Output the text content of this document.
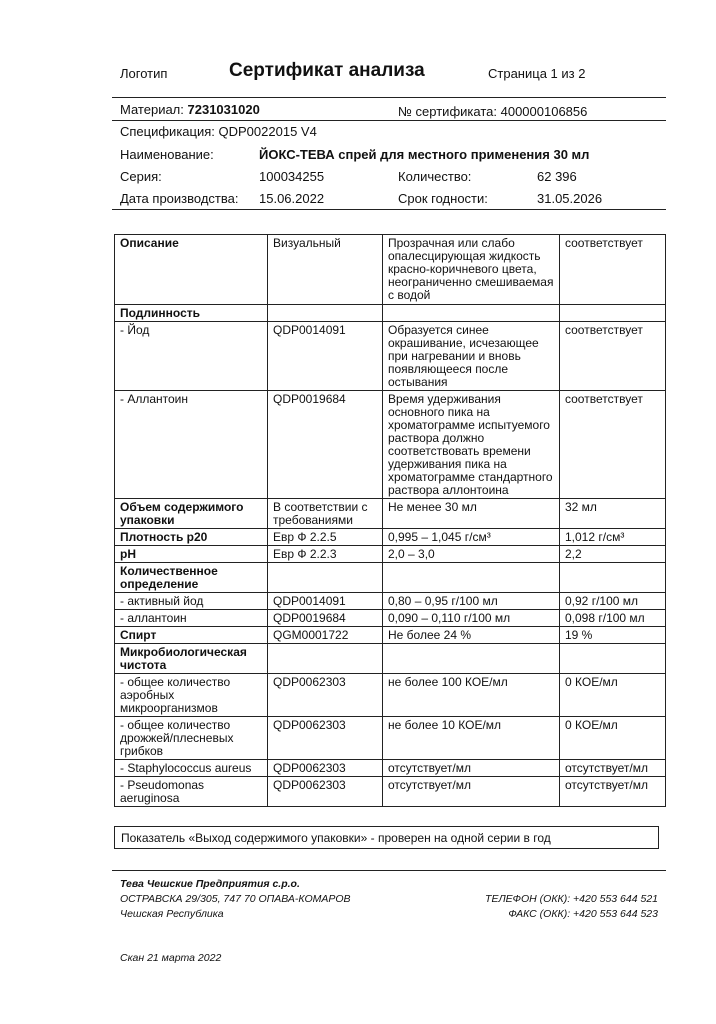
Логотип	Сертификат анализа	Страница 1 из 2
Материал: 7231031020	№ сертификата: 400000106856
Спецификация: QDP0022015 V4
Наименование:	ЙОКС-ТЕВА спрей для местного применения 30 мл
Серия:	100034255	Количество:	62 396
Дата производства: 15.06.2022	Срок годности:	31.05.2026
Описание	Визуальный	Прозрачная или слабо опалесцирующая жидкость красно-коричневого цвета, неограниченно смешиваемая с водой	соответствует
Подлинность			
- Йод	QDP0014091	Образуется синее окрашивание, исчезающее при нагревании и вновь появляющееся после остывания	соответствует
- Аллантоин	QDP0019684	Время удерживания основного пика на хроматограмме испытуемого раствора должно соответствовать времени удерживания пика на хроматограмме стандартного раствора аллонтоина	соответствует
Объем содержимого упаковки	В соответствии с требованиями	Не менее 30 мл	32 мл
Плотность р20	Евр Ф 2.2.5	0,995 – 1,045 г/см³	1,012 г/см³
рН	Евр Ф 2.2.3	2,0 – 3,0	2,2
Количественное определение			
- активный йод	QDP0014091	0,80 – 0,95 г/100 мл	0,92 г/100 мл
- аллантоин	QDP0019684	0,090 – 0,110 г/100 мл	0,098 г/100 мл
Спирт	QGM0001722	Не более 24 %	19 %
Микробиологическая чистота			
- общее количество аэробных микроорганизмов	QDP0062303	не более 100 КОЕ/мл	0 КОЕ/мл
- общее количество дрожжей/плесневых грибков	QDP0062303	не более 10 КОЕ/мл	0 КОЕ/мл
- Staphylococcus aureus	QDP0062303	отсутствует/мл	отсутствует/мл
- Pseudomonas aeruginosa	QDP0062303	отсутствует/мл	отсутствует/мл
Показатель «Выход содержимого упаковки» - проверен на одной серии в год
Тева Чешские Предприятия с.р.о.
ОСТРАВСКА 29/305, 747 70 ОПАВА-КОМАРОВ
Чешская Республика
ТЕЛЕФОН (ОКК): +420 553 644 521
ФАКС (ОКК): +420 553 644 523
Скан 21 марта 2022
